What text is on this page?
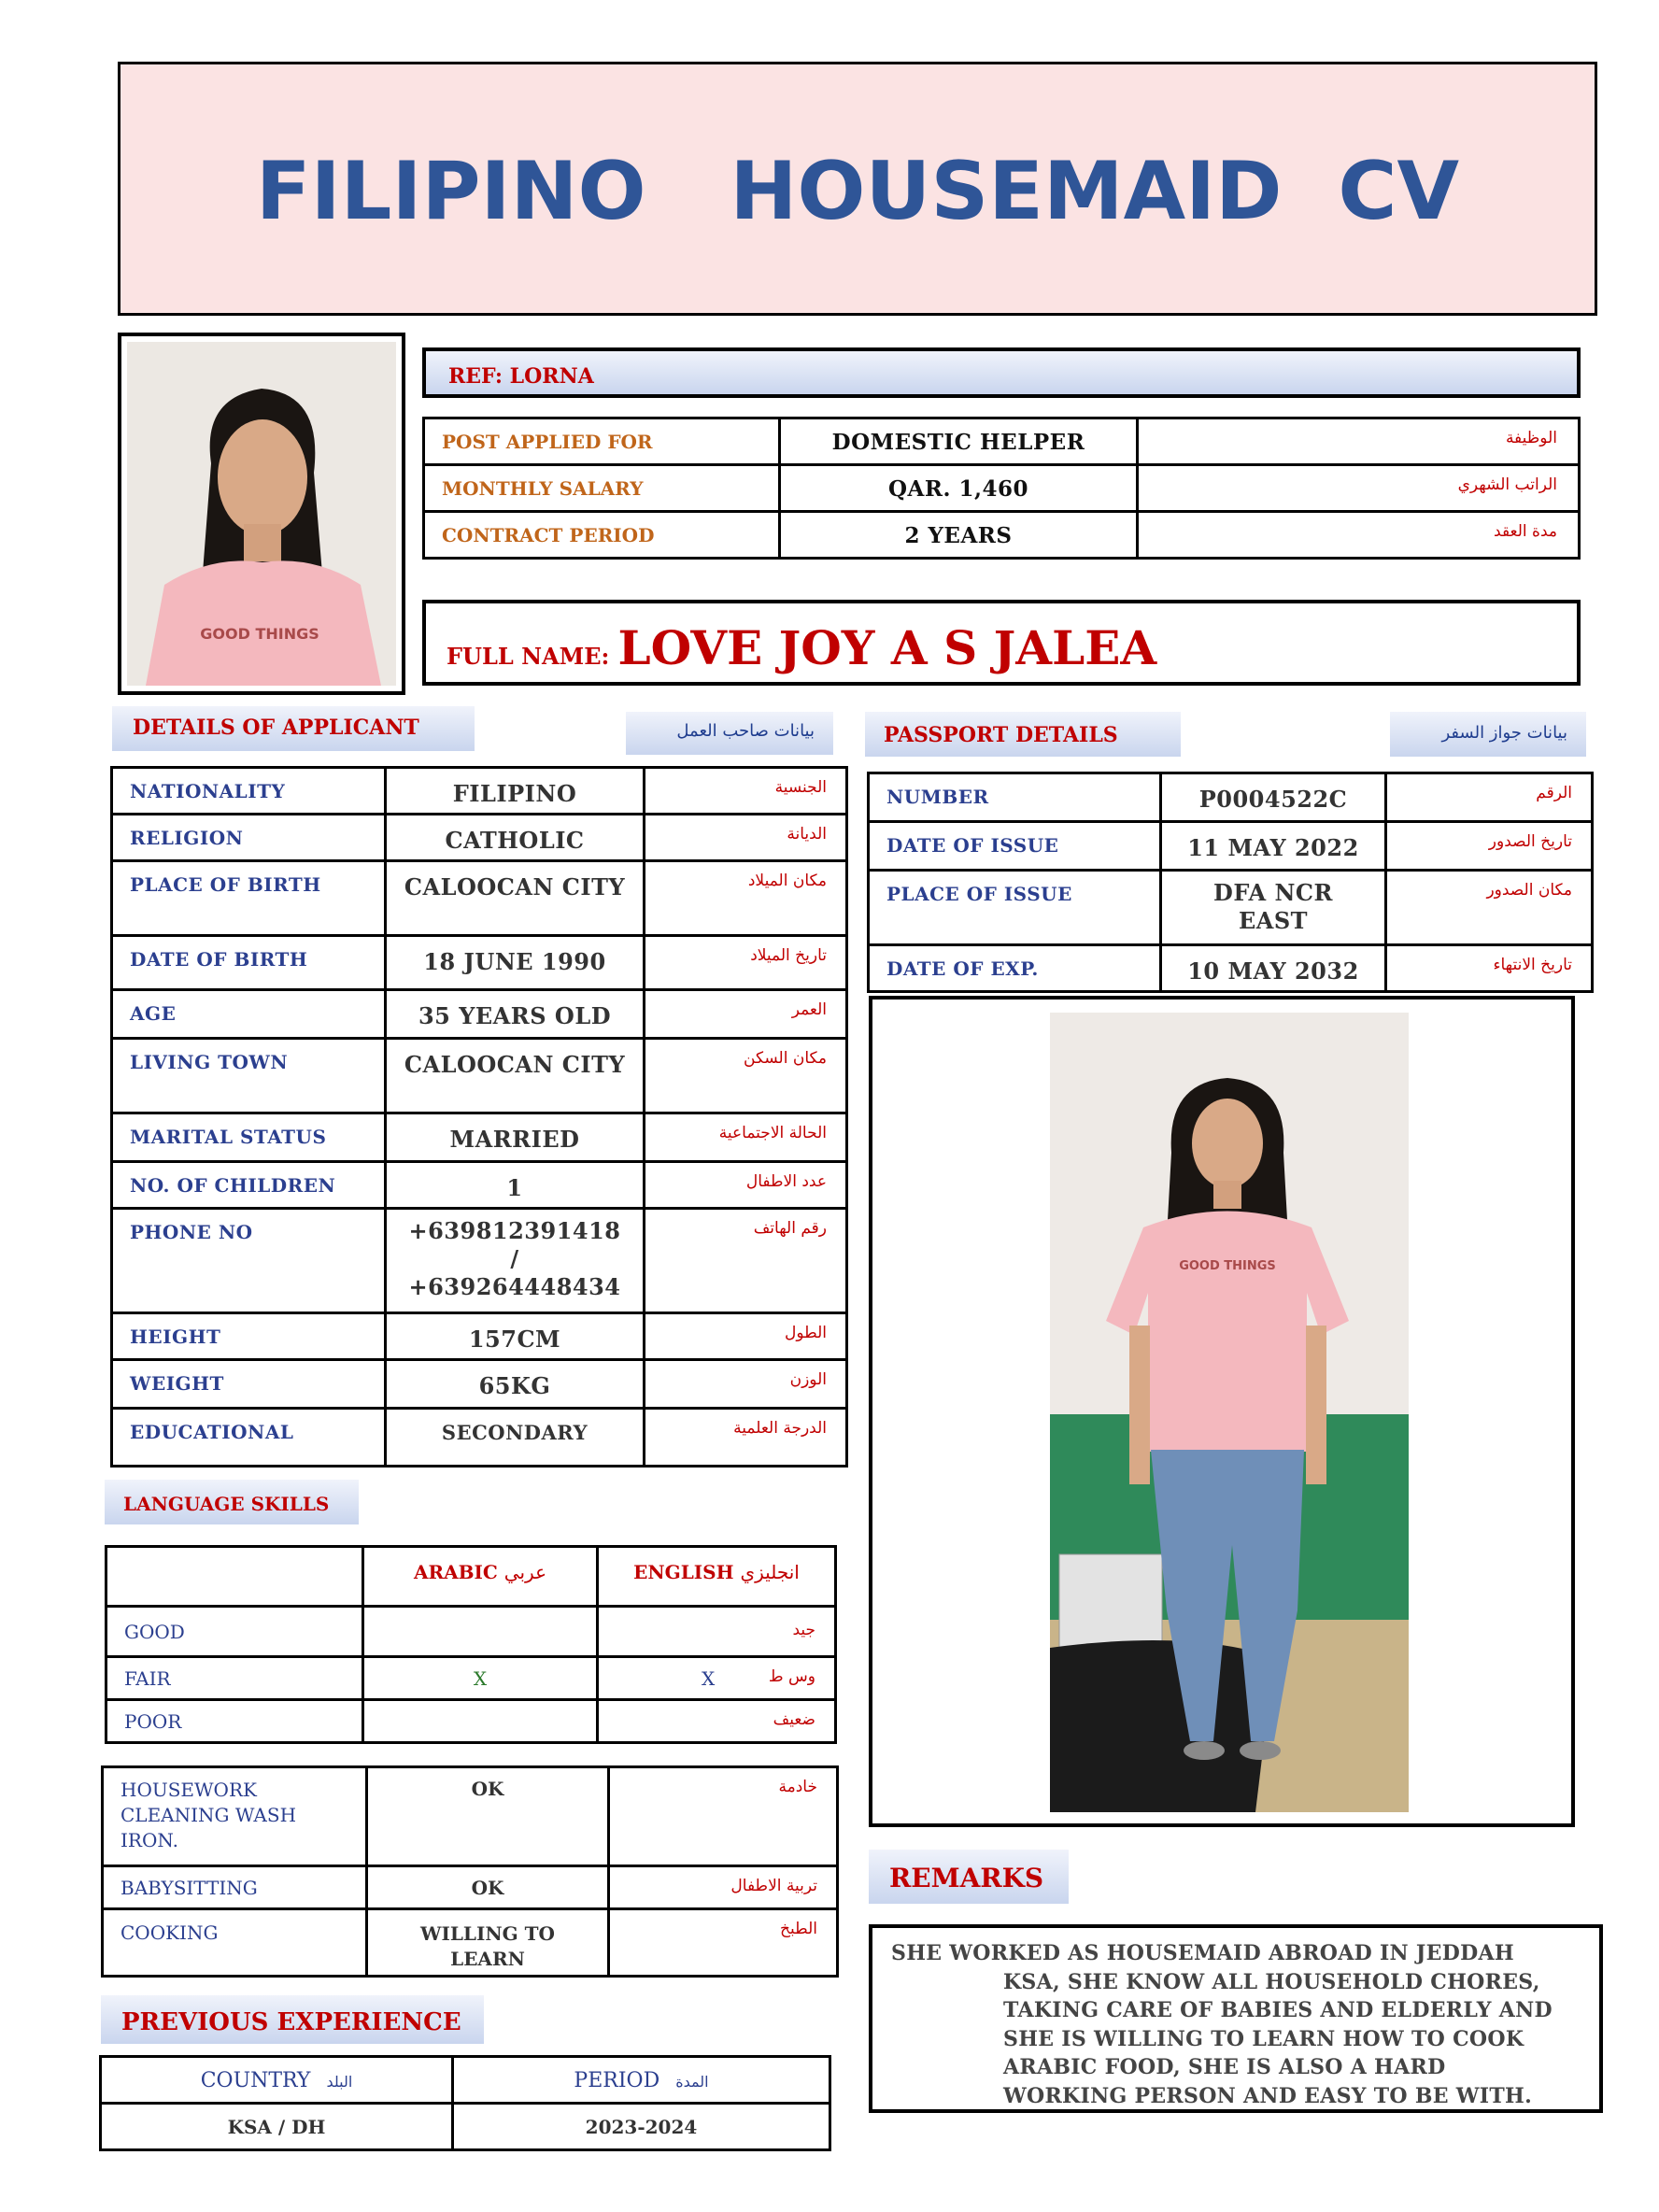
FILIPINO   HOUSEMAID  CV
GOOD THINGS
REF: LORNA
POST APPLIED FOR	DOMESTIC HELPER	الوظيفة

MONTHLY SALARY	QAR. 1,460	الراتب الشهري

CONTRACT PERIOD	2 YEARS	مدة العقد
FULL NAME: LOVE JOY A S JALEA
DETAILS OF APPLICANT	بيانات صاحب العمل
NATIONALITY	FILIPINO	الجنسية

RELIGION	CATHOLIC	الديانة

PLACE OF BIRTH	CALOOCAN CITY	مكان الميلاد

DATE OF BIRTH	18 JUNE 1990	تاريخ الميلاد

AGE	35 YEARS OLD	العمر

LIVING TOWN	CALOOCAN CITY	مكان السكن

MARITAL STATUS	MARRIED	الحالة الاجتماعية

NO. OF CHILDREN	1	عدد الاطفال

PHONE NO	+639812391418
/
+639264448434	رقم الهاتف

HEIGHT	157CM	الطول

WEIGHT	65KG	الوزن

EDUCATIONAL	SECONDARY	الدرجة العلمية
PASSPORT DETAILS	بيانات جواز السفر
NUMBER	P0004522C	الرقم

DATE OF ISSUE	11 MAY 2022	تاريخ الصدور

PLACE OF ISSUE	DFA NCR
EAST	مكان الصدور

DATE OF EXP.	10 MAY 2032	تاريخ الانتهاء
GOOD THINGS
LANGUAGE SKILLS

	ARABIC عربي	ENGLISH انجليزي

GOOD		جيد

FAIR	X	X وس ط

POOR		ضعيف
HOUSEWORK
CLEANING WASH
IRON.	OK	خادمة

BABYSITTING	OK	تربية الاطفال

COOKING	WILLING TO
LEARN	الطبخ
PREVIOUS EXPERIENCE
COUNTRY البلد	PERIOD المدة

KSA / DH	2023-2024
REMARKS
SHE WORKED AS HOUSEMAID ABROAD IN JEDDAH
KSA, SHE KNOW ALL HOUSEHOLD CHORES,
TAKING CARE OF BABIES AND ELDERLY AND
SHE IS WILLING TO LEARN HOW TO COOK
ARABIC FOOD, SHE IS ALSO A HARD
WORKING PERSON AND EASY TO BE WITH.
